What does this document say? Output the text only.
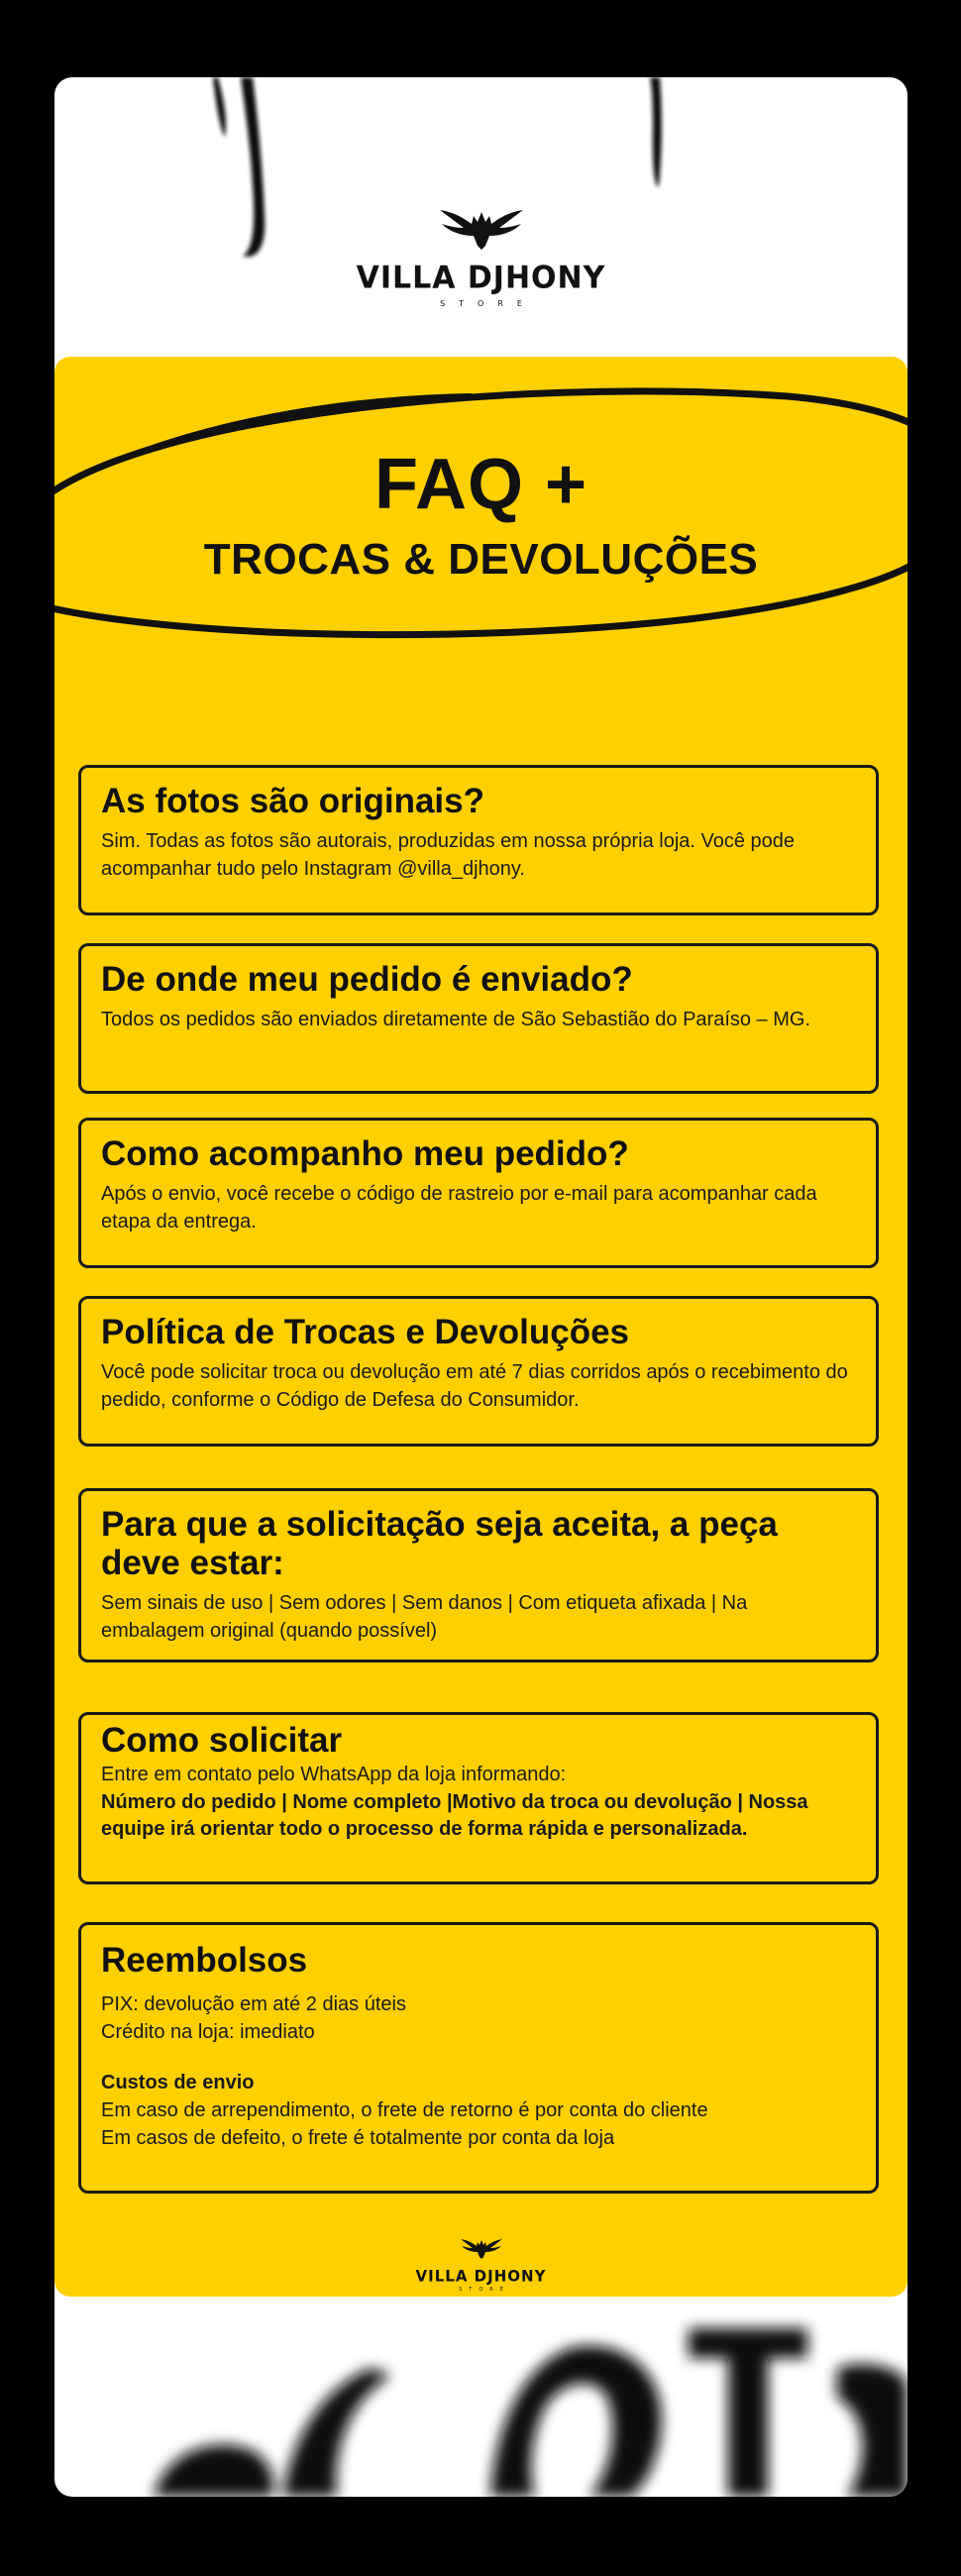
VILLA DJHONY
STORE
FAQ +
TROCAS & DEVOLUÇÕES
As fotos são originais?

Sim. Todas as fotos são autorais, produzidas em nossa própria loja. Você pode acompanhar tudo pelo Instagram @villa_djhony.

De onde meu pedido é enviado?

Todos os pedidos são enviados diretamente de São Sebastião do Paraíso – MG.

Como acompanho meu pedido?

Após o envio, você recebe o código de rastreio por e-mail para acompanhar cada etapa da entrega.

Política de Trocas e Devoluções

Você pode solicitar troca ou devolução em até 7 dias corridos após o recebimento do pedido, conforme o Código de Defesa do Consumidor.

Para que a solicitação seja aceita, a peça deve estar:

Sem sinais de uso | Sem odores | Sem danos | Com etiqueta afixada | Na embalagem original (quando possível)

Como solicitar

Entre em contato pelo WhatsApp da loja informando:

Número do pedido | Nome completo |Motivo da troca ou devolução | Nossa equipe irá orientar todo o processo de forma rápida e personalizada.

Reembolsos

PIX: devolução em até 2 dias úteis

Crédito na loja: imediato

Custos de envio

Em caso de arrependimento, o frete de retorno é por conta do cliente

Em casos de defeito, o frete é totalmente por conta da loja

VILLA DJHONY
STORE
